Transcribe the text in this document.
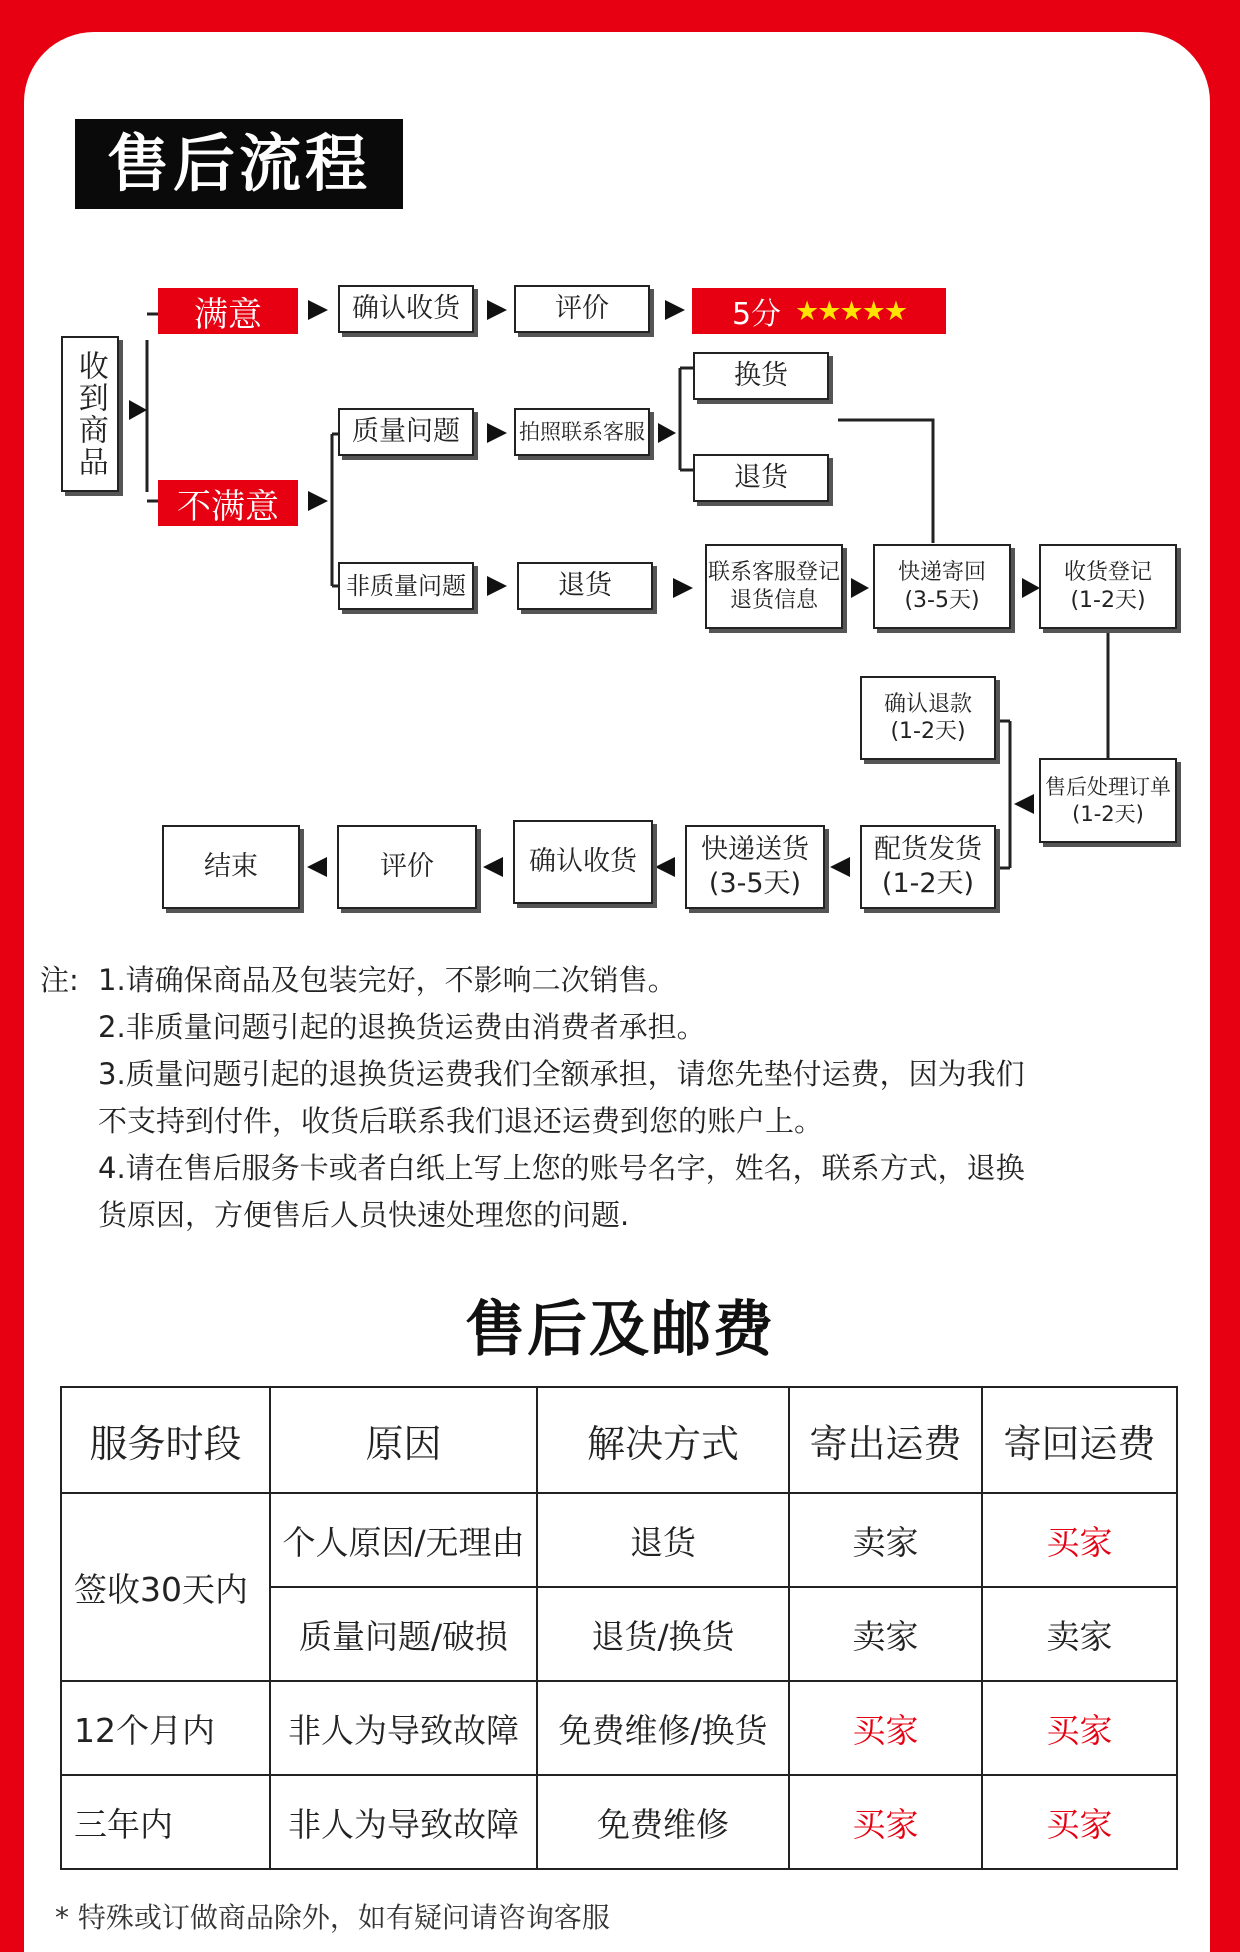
售后流程
收到商品
满意
不满意
确认收货	评价	5分 ★★★★★
质量问题	拍照联系客服
换货
退货
非质量问题	退货	联系客服登记
退货信息
快递寄回
(3-5天)
收货登记
(1-2天)
确认退款
(1-2天)
售后处理订单
(1-2天)
配货发货
(1-2天)
快递送货
(3-5天)
确认收货
评价
结束
注: 1.请确保商品及包装完好，不影响二次销售。
2.非质量问题引起的退换货运费由消费者承担。
3.质量问题引起的退换货运费我们全额承担，请您先垫付运费，因为我们
不支持到付件，收货后联系我们退还运费到您的账户上。
4.请在售后服务卡或者白纸上写上您的账号名字，姓名，联系方式，退换
货原因，方便售后人员快速处理您的问题.
售后及邮费
服务时段	原因	解决方式	寄出运费	寄回运费
签收30天内	个人原因/无理由	退货	卖家	买家
	质量问题/破损	退货/换货	卖家	卖家
12个月内	非人为导致故障	免费维修/换货	买家	买家
三年内	非人为导致故障	免费维修	买家	买家
* 特殊或订做商品除外，如有疑问请咨询客服
